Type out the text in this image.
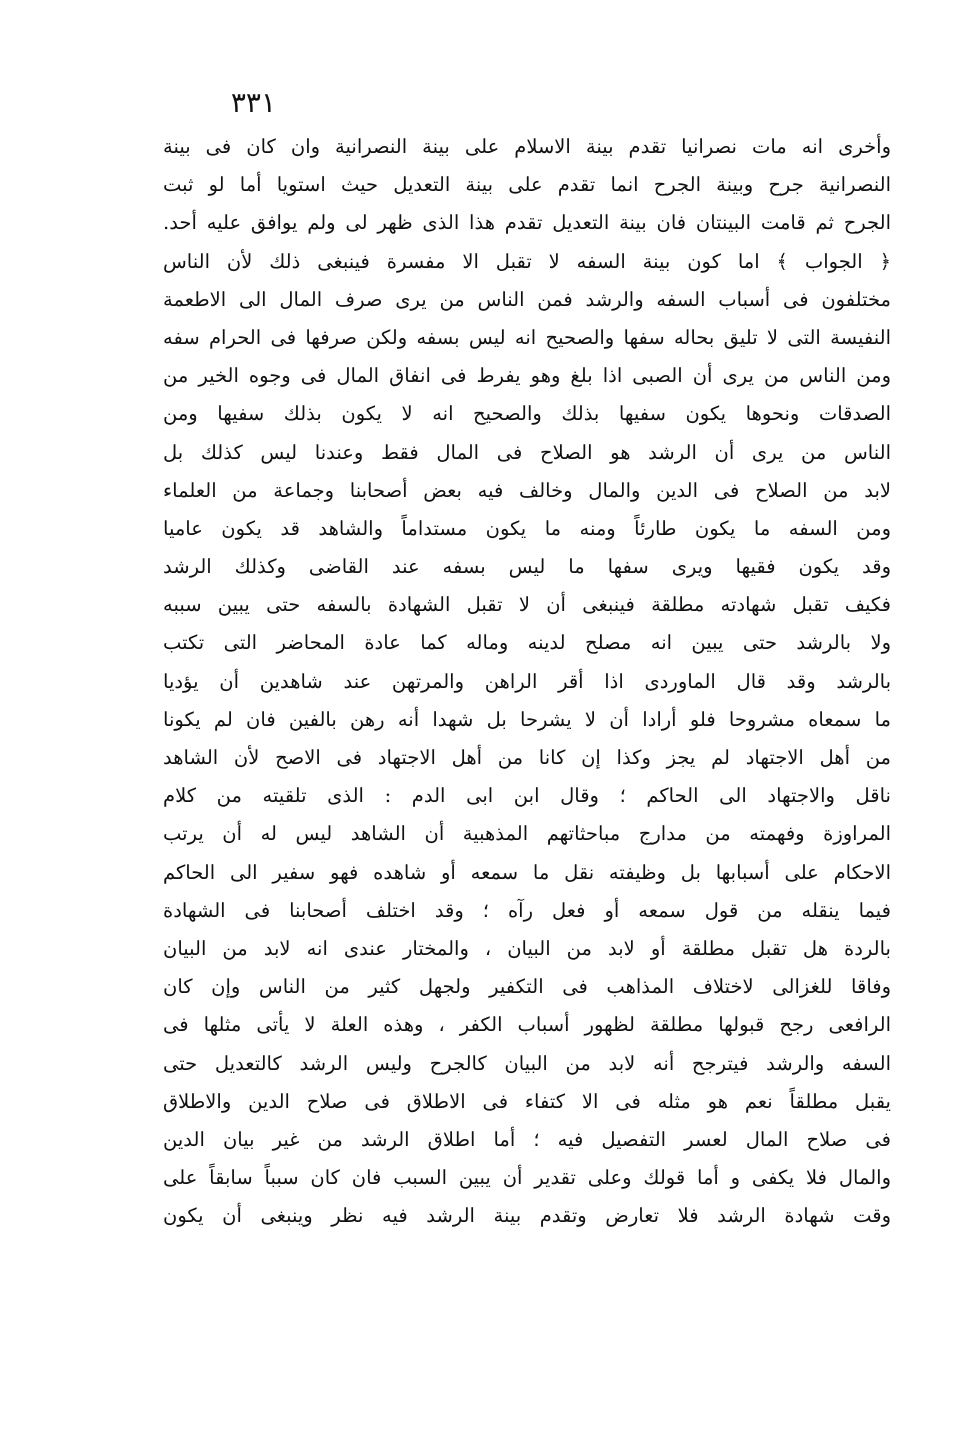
٣٣١
وأخرى انه مات نصرانيا تقدم بينة الاسلام على بينة النصرانية وان كان فى بينة
النصرانية جرح وبينة الجرح انما تقدم على بينة التعديل حيث استويا أما لو ثبت
الجرح ثم قامت البينتان فان بينة التعديل تقدم هذا الذى ظهر لى ولم يوافق عليه أحد.
﴿ الجواب ﴾ اما كون بينة السفه لا تقبل الا مفسرة فينبغى ذلك لأن الناس
مختلفون فى أسباب السفه والرشد فمن الناس من يرى صرف المال الى الاطعمة
النفيسة التى لا تليق بحاله سفها والصحيح انه ليس بسفه ولكن صرفها فى الحرام سفه
ومن الناس من يرى أن الصبى اذا بلغ وهو يفرط فى انفاق المال فى وجوه الخير من
الصدقات ونحوها يكون سفيها بذلك والصحيح انه لا يكون بذلك سفيها ومن
الناس من يرى أن الرشد هو الصلاح فى المال فقط وعندنا ليس كذلك بل
لابد من الصلاح فى الدين والمال وخالف فيه بعض أصحابنا وجماعة من العلماء
ومن السفه ما يكون طارئاً ومنه ما يكون مستداماً والشاهد قد يكون عاميا
وقد يكون فقيها ويرى سفها ما ليس بسفه عند القاضى وكذلك الرشد
فكيف تقبل شهادته مطلقة فينبغى أن لا تقبل الشهادة بالسفه حتى يبين سببه
ولا بالرشد حتى يبين انه مصلح لدينه وماله كما عادة المحاضر التى تكتب
بالرشد وقد قال الماوردى اذا أقر الراهن والمرتهن عند شاهدين أن يؤديا
ما سمعاه مشروحا فلو أرادا أن لا يشرحا بل شهدا أنه رهن بالفين فان لم يكونا
من أهل الاجتهاد لم يجز وكذا إن كانا من أهل الاجتهاد فى الاصح لأن الشاهد
ناقل والاجتهاد الى الحاكم ؛ وقال ابن ابى الدم : الذى تلقيته من كلام
المراوزة وفهمته من مدارج مباحثاتهم المذهبية أن الشاهد ليس له أن يرتب
الاحكام على أسبابها بل وظيفته نقل ما سمعه أو شاهده فهو سفير الى الحاكم
فيما ينقله من قول سمعه أو فعل رآه ؛ وقد اختلف أصحابنا فى الشهادة
بالردة هل تقبل مطلقة أو لابد من البيان ، والمختار عندى انه لابد من البيان
وفاقا للغزالى لاختلاف المذاهب فى التكفير ولجهل كثير من الناس وإن كان
الرافعى رجح قبولها مطلقة لظهور أسباب الكفر ، وهذه العلة لا يأتى مثلها فى
السفه والرشد فيترجح أنه لابد من البيان كالجرح وليس الرشد كالتعديل حتى
يقبل مطلقاً نعم هو مثله فى الا كتفاء فى الاطلاق فى صلاح الدين والاطلاق
فى صلاح المال لعسر التفصيل فيه ؛ أما اطلاق الرشد من غير بيان الدين
والمال فلا يكفى و أما قولك وعلى تقدير أن يبين السبب فان كان سبباً سابقاً على
وقت شهادة الرشد فلا تعارض وتقدم بينة الرشد فيه نظر وينبغى أن يكون
